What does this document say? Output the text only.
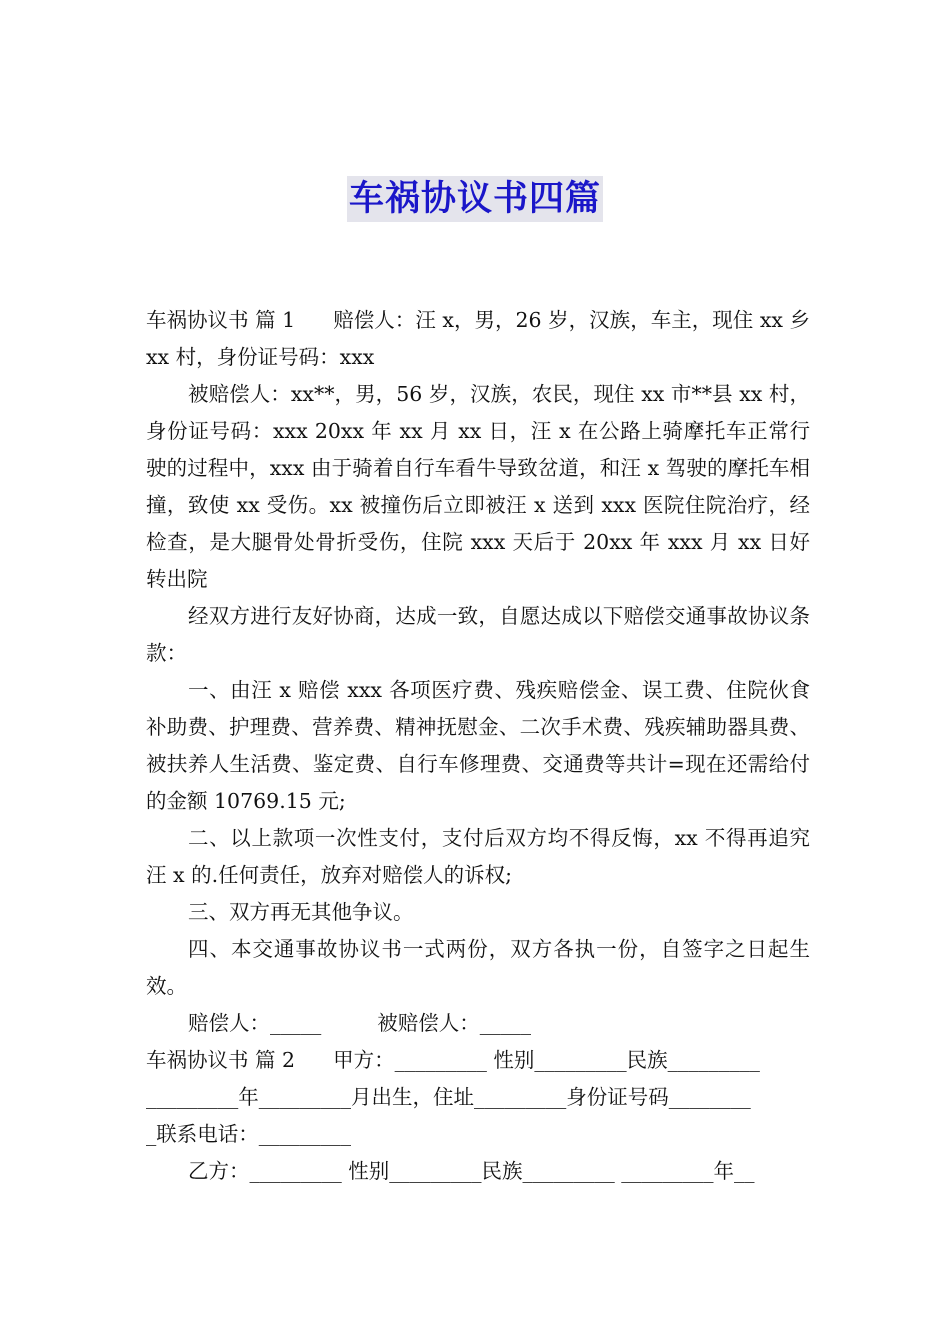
车祸协议书四篇

车祸协议书 篇 1 赔偿人：汪 x，男，26 岁，汉族，车主，现住 xx 乡 xx 村，身份证号码：xxx

被赔偿人：xx**，男，56 岁，汉族，农民，现住 xx 市**县 xx 村，身份证号码：xxx 20xx 年 xx 月 xx 日，汪 x 在公路上骑摩托车正常行驶的过程中，xxx 由于骑着自行车看牛导致岔道，和汪 x 驾驶的摩托车相撞，致使 xx 受伤。xx 被撞伤后立即被汪 x 送到 xxx 医院住院治疗，经检查，是大腿骨处骨折受伤，住院 xxx 天后于 20xx 年 xxx 月 xx 日好转出院

经双方进行友好协商，达成一致，自愿达成以下赔偿交通事故协议条款：

一、由汪 x 赔偿 xxx 各项医疗费、残疾赔偿金、误工费、住院伙食补助费、护理费、营养费、精神抚慰金、二次手术费、残疾辅助器具费、被扶养人生活费、鉴定费、自行车修理费、交通费等共计=现在还需给付的金额 10769.15 元;

二、以上款项一次性支付，支付后双方均不得反悔，xx 不得再追究汪 x 的.任何责任，放弃对赔偿人的诉权;

三、双方再无其他争议。

四、本交通事故协议书一式两份，双方各执一份，自签字之日起生效。

赔偿人：_____	被赔偿人：_____

车祸协议书 篇 2 甲方：_________ 性别_________民族_________

_________年_________月出生，住址_________身份证号码________

_联系电话：_________

乙方：_________ 性别_________民族_________ _________年__
